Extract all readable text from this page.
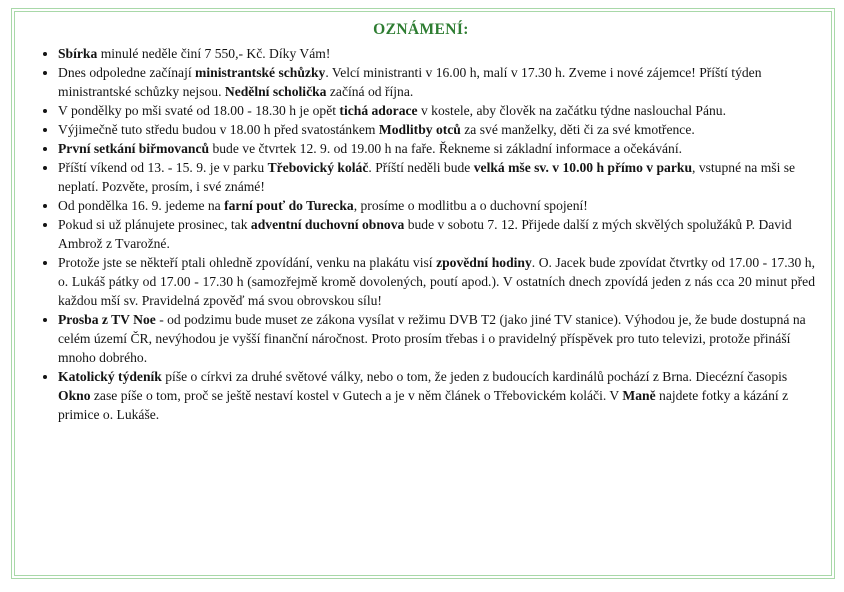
OZNÁMENÍ:
• Sbírka minulé neděle činí 7 550,- Kč. Díky Vám!
• Dnes odpoledne začínají ministrantské schůzky. Velcí ministranti v 16.00 h, malí v 17.30 h. Zveme i nové zájemce! Příští týden ministrantské schůzky nejsou. Nedělní scholička začíná od října.
• V pondělky po mši svaté od 18.00 - 18.30 h je opět tichá adorace v kostele, aby člověk na začátku týdne naslouchal Pánu.
• Výjimečně tuto středu budou v 18.00 h před svatostánkem Modlitby otců za své manželky, děti či za své kmotřence.
• První setkání biřmovanců bude ve čtvrtek 12. 9. od 19.00 h na faře. Řekneme si základní informace a očekávání.
• Příští víkend od 13. - 15. 9. je v parku Třebovický koláč. Příští neděli bude velká mše sv. v 10.00 h přímo v parku, vstupné na mši se neplatí. Pozvěte, prosím, i své známé!
• Od pondělka 16. 9. jedeme na farní pouť do Turecka, prosíme o modlitbu a o duchovní spojení!
• Pokud si už plánujete prosinec, tak adventní duchovní obnova bude v sobotu 7. 12. Přijede další z mých skvělých spolužáků P. David Ambrož z Tvarožné.
• Protože jste se někteří ptali ohledně zpovídání, venku na plakátu visí zpovědní hodiny. O. Jacek bude zpovídat čtvrtky od 17.00 - 17.30 h, o. Lukáš pátky od 17.00 - 17.30 h (samozřejmě kromě dovolených, poutí apod.). V ostatních dnech zpovídá jeden z nás cca 20 minut před každou mší sv. Pravidelná zpověď má svou obrovskou sílu!
• Prosba z TV Noe - od podzimu bude muset ze zákona vysílat v režimu DVB T2 (jako jiné TV stanice). Výhodou je, že bude dostupná na celém území ČR, nevýhodou je vyšší finanční náročnost. Proto prosím třebas i o pravidelný příspěvek pro tuto televizi, protože přináší mnoho dobrého.
• Katolický týdeník píše o církvi za druhé světové války, nebo o tom, že jeden z budoucích kardinálů pochází z Brna. Diecézní časopis Okno zase píše o tom, proč se ještě nestaví kostel v Gutech a je v něm článek o Třebovickém koláči. V Maně najdete fotky a kázání z primice o. Lukáše.
